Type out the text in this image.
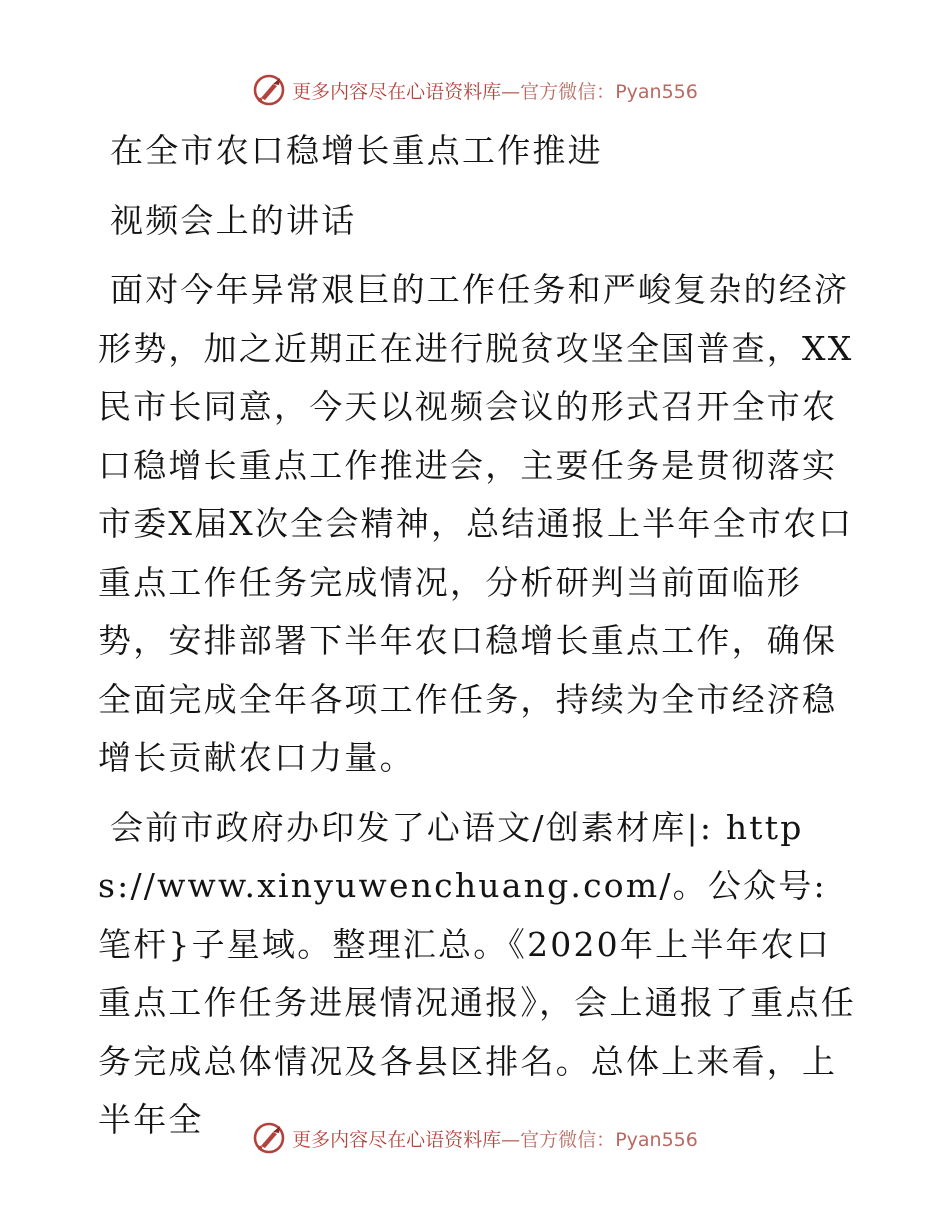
更多内容尽在心语资料库—官方微信：Pyan556

在全市农口稳增长重点工作推进

视频会上的讲话

面对今年异常艰巨的工作任务和严峻复杂的经济形势，加之近期正在进行脱贫攻坚全国普查，XX民市长同意，今天以视频会议的形式召开全市农口稳增长重点工作推进会，主要任务是贯彻落实市委X届X次全会精神，总结通报上半年全市农口重点工作任务完成情况，分析研判当前面临形势，安排部署下半年农口稳增长重点工作，确保全面完成全年各项工作任务，持续为全市经济稳增长贡献农口力量。

会前市政府办印发了心语文/创素材库|: https://www.xinyuwenchuang.com/。公众号: 笔杆}子星域。整理汇总。《2020年上半年农口重点工作任务进展情况通报》，会上通报了重点任务完成总体情况及各县区排名。总体上来看，上半年全

更多内容尽在心语资料库—官方微信：Pyan556
